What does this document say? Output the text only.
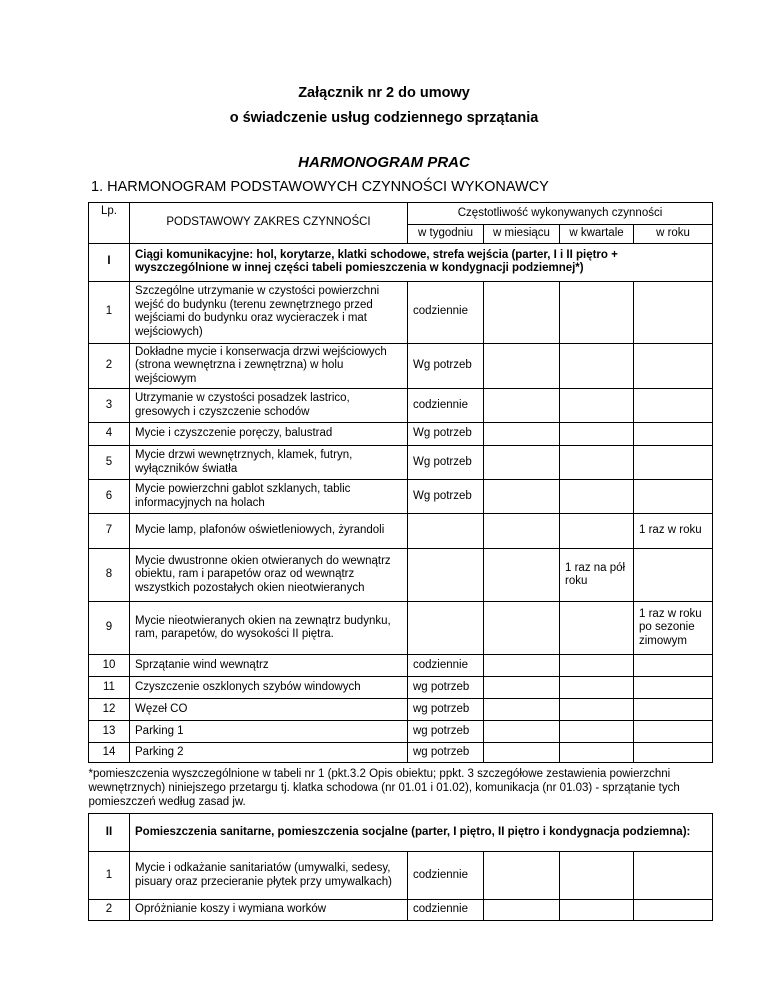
Załącznik nr 2 do umowy
o świadczenie usług codziennego sprzątania
HARMONOGRAM PRAC
1. HARMONOGRAM PODSTAWOWYCH CZYNNOŚCI WYKONAWCY
Lp.	PODSTAWOWY ZAKRES CZYNNOŚCI	Częstotliwość wykonywanych czynności			
		w tygodniu	w miesiącu	w kwartale	w roku
I	Ciągi komunikacyjne: hol, korytarze, klatki schodowe, strefa wejścia (parter, I i II piętro + wyszczególnione w innej części tabeli pomieszczenia w kondygnacji podziemnej*)				
1	Szczególne utrzymanie w czystości powierzchni wejść do budynku (terenu zewnętrznego przed wejściami do budynku oraz wycieraczek i mat wejściowych)	codziennie			
2	Dokładne mycie i konserwacja drzwi wejściowych (strona wewnętrzna i zewnętrzna) w holu wejściowym	Wg potrzeb			
3	Utrzymanie w czystości posadzek lastrico, gresowych i czyszczenie schodów	codziennie			
4	Mycie i czyszczenie poręczy, balustrad	Wg potrzeb			
5	Mycie drzwi wewnętrznych, klamek, futryn, wyłączników światła	Wg potrzeb			
6	Mycie powierzchni gablot szklanych, tablic informacyjnych na holach	Wg potrzeb			
7	Mycie lamp, plafonów oświetleniowych, żyrandoli				1 raz w roku
8	Mycie dwustronne okien otwieranych do wewnątrz obiektu, ram i parapetów oraz od wewnątrz wszystkich pozostałych okien nieotwieranych			1 raz na pół roku	
9	Mycie nieotwieranych okien na zewnątrz budynku, ram, parapetów, do wysokości II piętra.				1 raz w roku po sezonie zimowym
10	Sprzątanie wind wewnątrz	codziennie			
11	Czyszczenie oszklonych szybów windowych	wg potrzeb			
12	Węzeł CO	wg potrzeb			
13	Parking 1	wg potrzeb			
14	Parking 2	wg potrzeb			
*pomieszczenia wyszczególnione w tabeli nr 1 (pkt.3.2 Opis obiektu; ppkt. 3 szczegółowe zestawienia powierzchni wewnętrznych) niniejszego przetargu tj. klatka schodowa (nr 01.01 i 01.02), komunikacja (nr 01.03) - sprzątanie tych pomieszczeń według zasad jw.					
II	Pomieszczenia sanitarne, pomieszczenia socjalne (parter, I piętro, II piętro i kondygnacja podziemna):				
1	Mycie i odkażanie sanitariatów (umywalki, sedesy, pisuary oraz przecieranie płytek przy umywalkach)	codziennie			
2	Opróżnianie koszy i wymiana worków	codziennie			
